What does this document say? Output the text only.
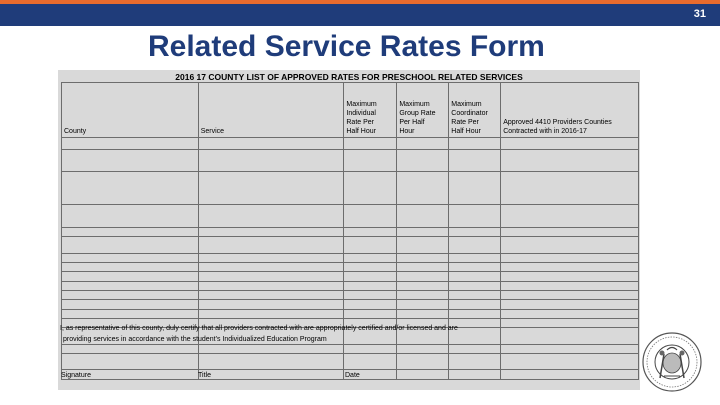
31
Related Service Rates Form
2016 17 COUNTY LIST OF APPROVED RATES FOR PRESCHOOL RELATED SERVICES
County	Service	Maximum
Individual
Rate Per
Half Hour	Maximum
Group Rate
Per Half
Hour	Maximum
Coordinator
Rate Per
Half Hour	Approved 4410 Providers Counties
Contracted with in 2016-17

I, as representative of this county, duly certify that all providers contracted with are appropriately certified and/or licensed and are
providing services in accordance with the student’s Individualized Education Program
Signature	Title	Date
